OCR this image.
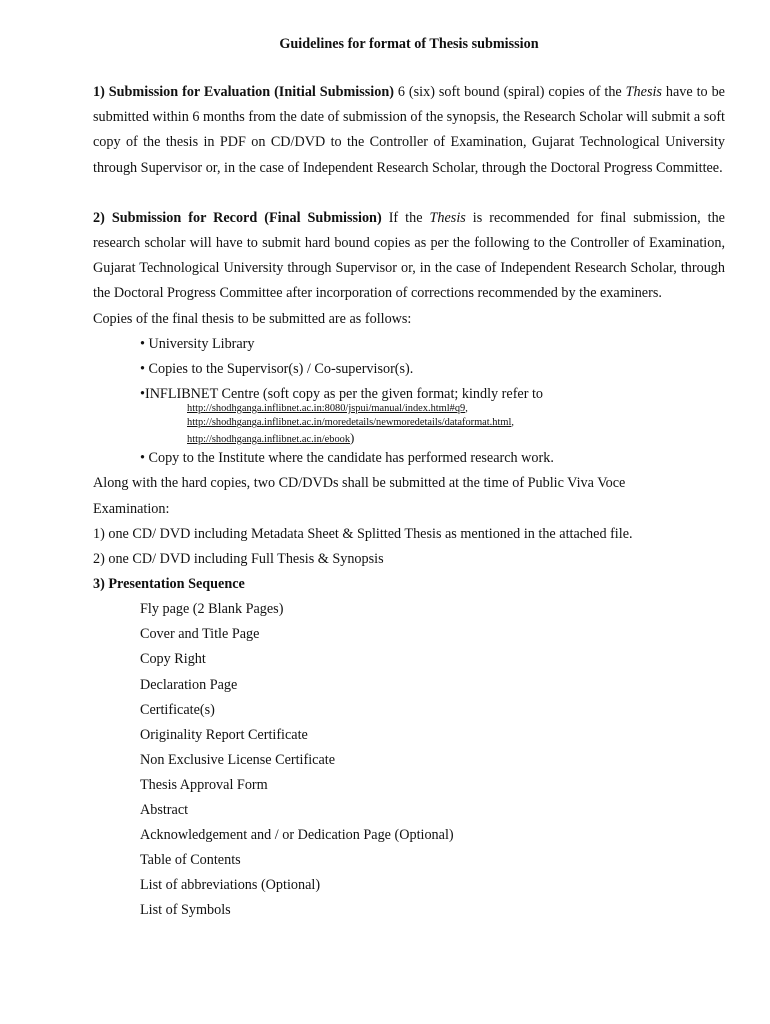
Guidelines for format of Thesis submission

1) Submission for Evaluation (Initial Submission) 6 (six) soft bound (spiral) copies of the Thesis have to be submitted within 6 months from the date of submission of the synopsis, the Research Scholar will submit a soft copy of the thesis in PDF on CD/DVD to the Controller of Examination, Gujarat Technological University through Supervisor or, in the case of Independent Research Scholar, through the Doctoral Progress Committee.

2) Submission for Record (Final Submission) If the Thesis is recommended for final submission, the research scholar will have to submit hard bound copies as per the following to the Controller of Examination, Gujarat Technological University through Supervisor or, in the case of Independent Research Scholar, through the Doctoral Progress Committee after incorporation of corrections recommended by the examiners.

Copies of the final thesis to be submitted are as follows:

• University Library
• Copies to the Supervisor(s) / Co-supervisor(s).
•INFLIBNET Centre (soft copy as per the given format; kindly refer to
http://shodhganga.inflibnet.ac.in:8080/jspui/manual/index.html#q9,
http://shodhganga.inflibnet.ac.in/moredetails/newmoredetails/dataformat.html,
http://shodhganga.inflibnet.ac.in/ebook)
• Copy to the Institute where the candidate has performed research work.

Along with the hard copies, two CD/DVDs shall be submitted at the time of Public Viva Voce

Examination:

1) one CD/ DVD including Metadata Sheet & Splitted Thesis as mentioned in the attached file.

2) one CD/ DVD including Full Thesis & Synopsis

3) Presentation Sequence

Fly page (2 Blank Pages)
Cover and Title Page
Copy Right
Declaration Page
Certificate(s)
Originality Report Certificate
Non Exclusive License Certificate
Thesis Approval Form
Abstract
Acknowledgement and / or Dedication Page (Optional)
Table of Contents
List of abbreviations (Optional)
List of Symbols
